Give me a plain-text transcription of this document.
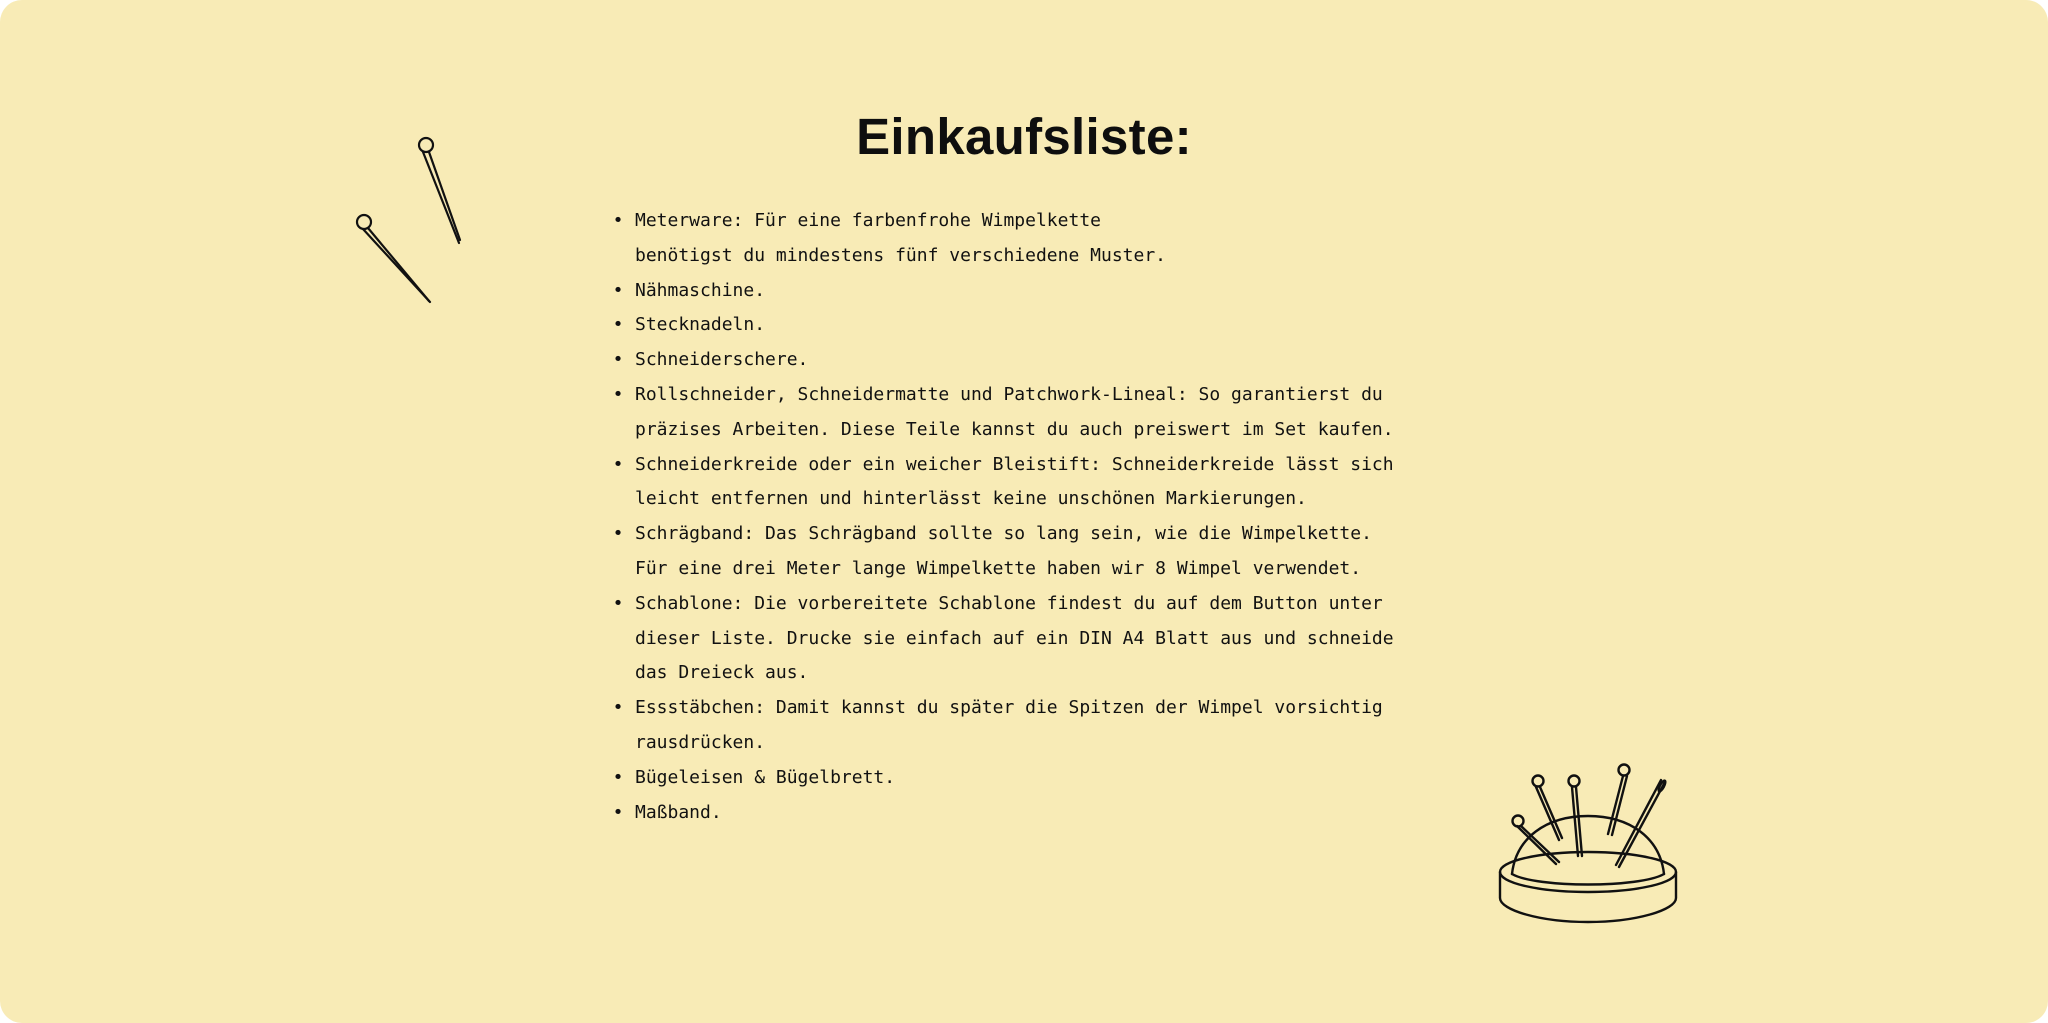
Einkaufsliste:
• Meterware: Für eine farbenfrohe Wimpelkette
benötigst du mindestens fünf verschiedene Muster.
• Nähmaschine.
• Stecknadeln.
• Schneiderschere.
• Rollschneider, Schneidermatte und Patchwork-Lineal: So garantierst du
präzises Arbeiten. Diese Teile kannst du auch preiswert im Set kaufen.
• Schneiderkreide oder ein weicher Bleistift: Schneiderkreide lässt sich
leicht entfernen und hinterlässt keine unschönen Markierungen.
• Schrägband: Das Schrägband sollte so lang sein, wie die Wimpelkette.
Für eine drei Meter lange Wimpelkette haben wir 8 Wimpel verwendet.
• Schablone: Die vorbereitete Schablone findest du auf dem Button unter
dieser Liste. Drucke sie einfach auf ein DIN A4 Blatt aus und schneide
das Dreieck aus.
• Essstäbchen: Damit kannst du später die Spitzen der Wimpel vorsichtig
rausdrücken.
• Bügeleisen & Bügelbrett.
• Maßband.
